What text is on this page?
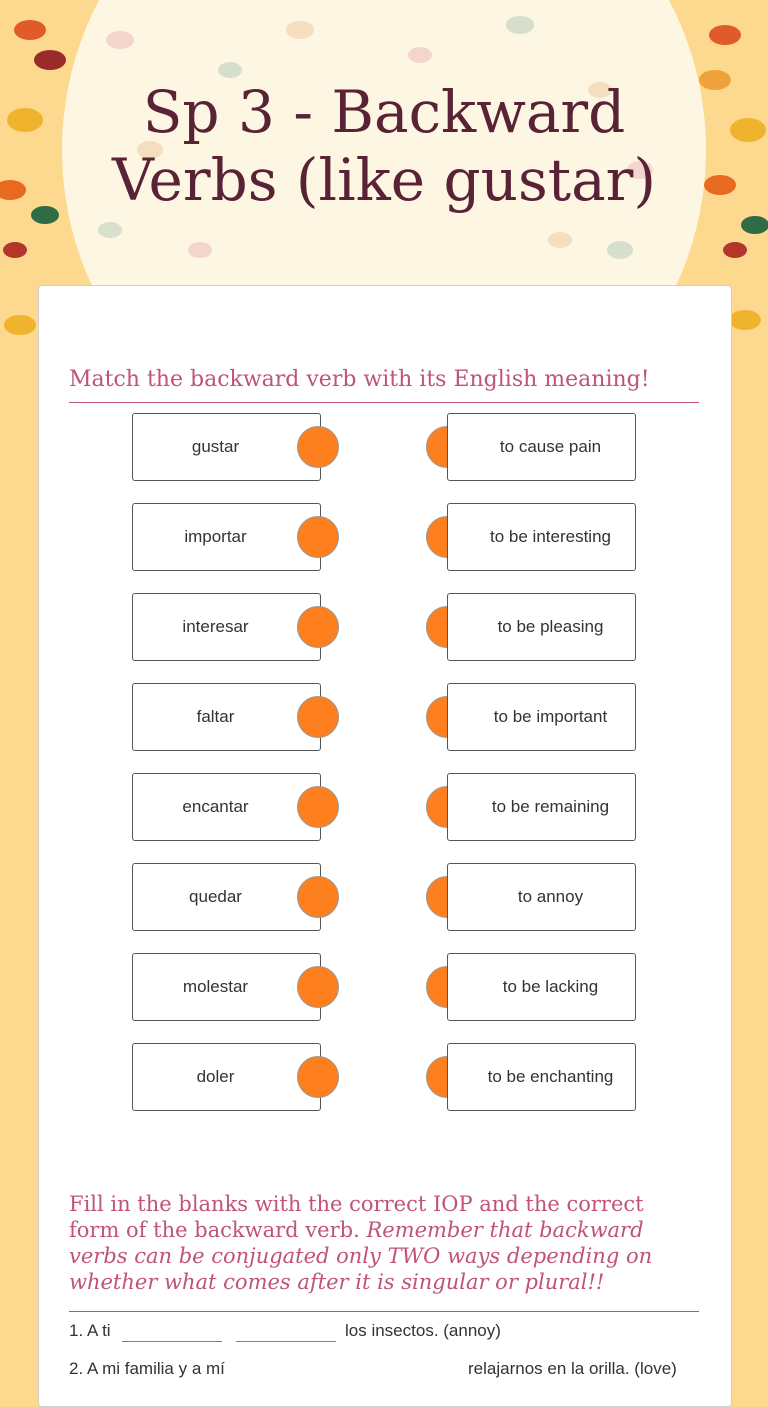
Sp 3 - Backward Verbs (like gustar)
Match the backward verb with its English meaning!
gustar	to cause pain
importar	to be interesting
interesar	to be pleasing
faltar	to be important
encantar	to be remaining
quedar	to annoy
molestar	to be lacking
doler	to be enchanting
Fill in the blanks with the correct IOP and the correct form of the backward verb. Remember that backward verbs can be conjugated only TWO ways depending on whether what comes after it is singular or plural!!
1. A ti	los insectos. (annoy)
2. A mi familia y a mí	relajarnos en la orilla. (love)
